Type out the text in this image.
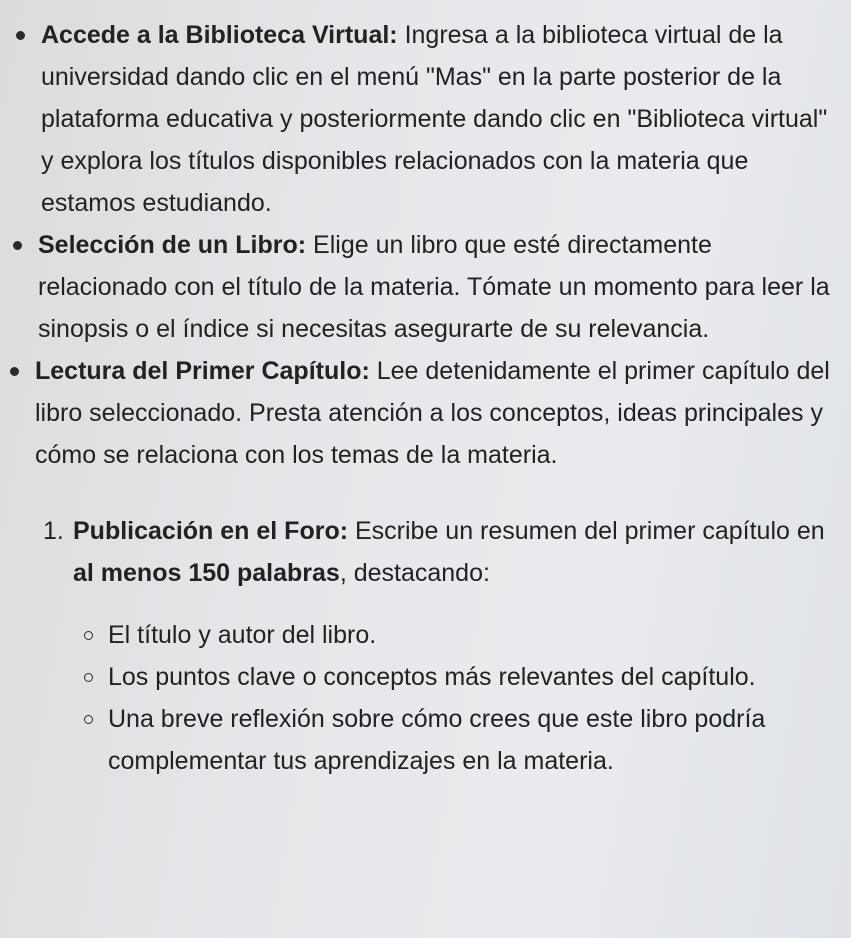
Accede a la Biblioteca Virtual: Ingresa a la biblioteca virtual de la universidad dando clic en el menú "Mas" en la parte posterior de la plataforma educativa y posteriormente dando clic en "Biblioteca virtual" y explora los títulos disponibles relacionados con la materia que estamos estudiando.
Selección de un Libro: Elige un libro que esté directamente relacionado con el título de la materia. Tómate un momento para leer la sinopsis o el índice si necesitas asegurarte de su relevancia.
Lectura del Primer Capítulo: Lee detenidamente el primer capítulo del libro seleccionado. Presta atención a los conceptos, ideas principales y cómo se relaciona con los temas de la materia.
1. Publicación en el Foro: Escribe un resumen del primer capítulo en al menos 150 palabras, destacando:
El título y autor del libro.
Los puntos clave o conceptos más relevantes del capítulo.
Una breve reflexión sobre cómo crees que este libro podría complementar tus aprendizajes en la materia.
